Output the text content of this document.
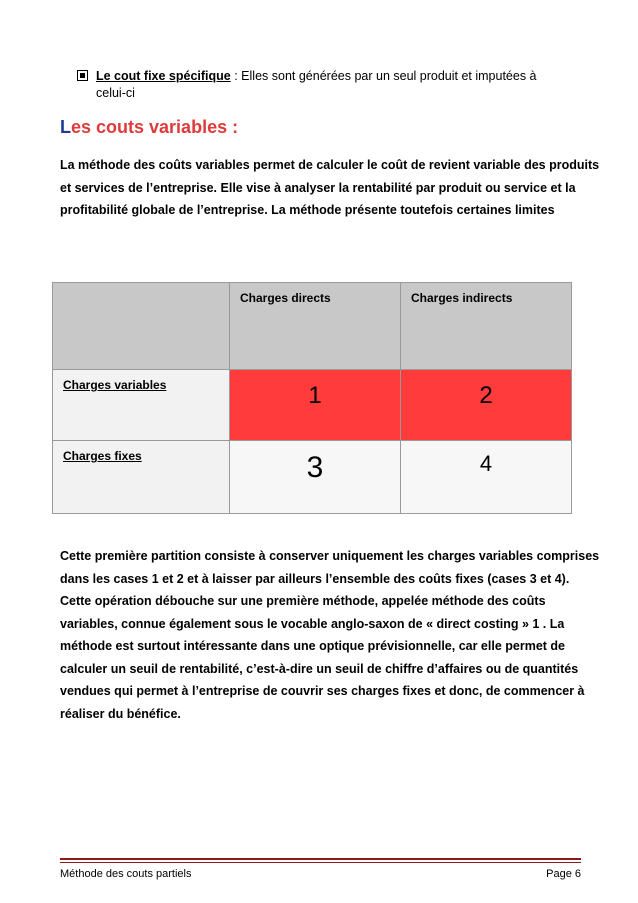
Le cout fixe spécifique : Elles sont générées par un seul produit et imputées à
celui-ci
Les couts variables :
La méthode des coûts variables permet de calculer le coût de revient variable des produits et services de l’entreprise. Elle vise à analyser la rentabilité par produit ou service et la profitabilité globale de l’entreprise. La méthode présente toutefois certaines limites

	Charges directs	Charges indirects

Charges variables	1	2

Charges fixes	3	4
Cette première partition consiste à conserver uniquement les charges variables comprises dans les cases 1 et 2 et à laisser par ailleurs l’ensemble des coûts fixes (cases 3 et 4). Cette opération débouche sur une première méthode, appelée méthode des coûts variables, connue également sous le vocable anglo-saxon de « direct costing » 1 . La méthode est surtout intéressante dans une optique prévisionnelle, car elle permet de calculer un seuil de rentabilité, c’est-à-dire un seuil de chiffre d’affaires ou de quantités vendues qui permet à l’entreprise de couvrir ses charges fixes et donc, de commencer à réaliser du bénéfice.
Méthode des couts partiels	Page 6
